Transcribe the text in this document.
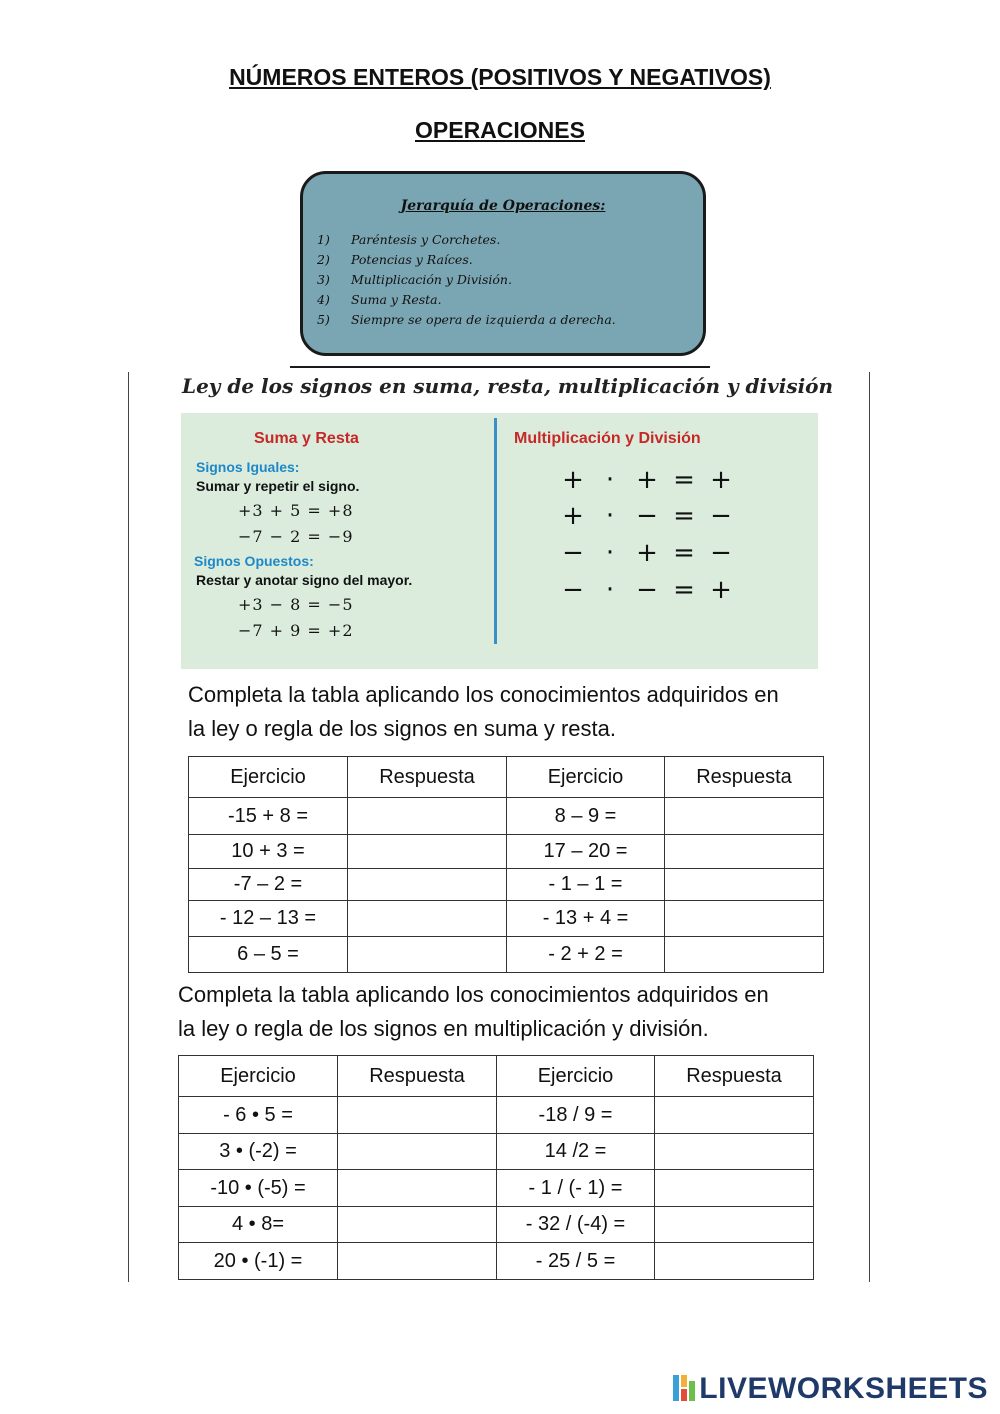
NÚMEROS ENTEROS (POSITIVOS Y NEGATIVOS)
OPERACIONES
Jerarquía de Operaciones:
1) Paréntesis y Corchetes.
2) Potencias y Raíces.
3) Multiplicación y División.
4) Suma y Resta.
5) Siempre se opera de izquierda a derecha.
Ley de los signos en suma, resta, multiplicación y división
Suma y Resta	Multiplicación y División
Signos Iguales:
Sumar y repetir el signo.
+3 + 5 = +8
−7 − 2 = −9
Signos Opuestos:
Restar y anotar signo del mayor.
+3 − 8 = −5
−7 + 9 = +2
+ · + = +
+ · − = −
− · + = −
− · − = +
Completa la tabla aplicando los conocimientos adquiridos en
la ley o regla de los signos en suma y resta.
Ejercicio	Respuesta	Ejercicio	Respuesta
-15 + 8 =		8 – 9 =	
10 + 3 =		17 – 20 =	
-7 – 2 =		- 1 – 1 =	
- 12 – 13 =		- 13 + 4 =	
6 – 5 =		- 2 + 2 =	
Completa la tabla aplicando los conocimientos adquiridos en
la ley o regla de los signos en multiplicación y división.
Ejercicio	Respuesta	Ejercicio	Respuesta
- 6 • 5 =		-18 / 9 =	
3 • (-2) =		14 /2 =	
-10 • (-5) =		- 1 / (- 1) =	
4 • 8=		- 32 / (-4) =	
20 • (-1) =		- 25 / 5 =	
LIVEWORKSHEETS
